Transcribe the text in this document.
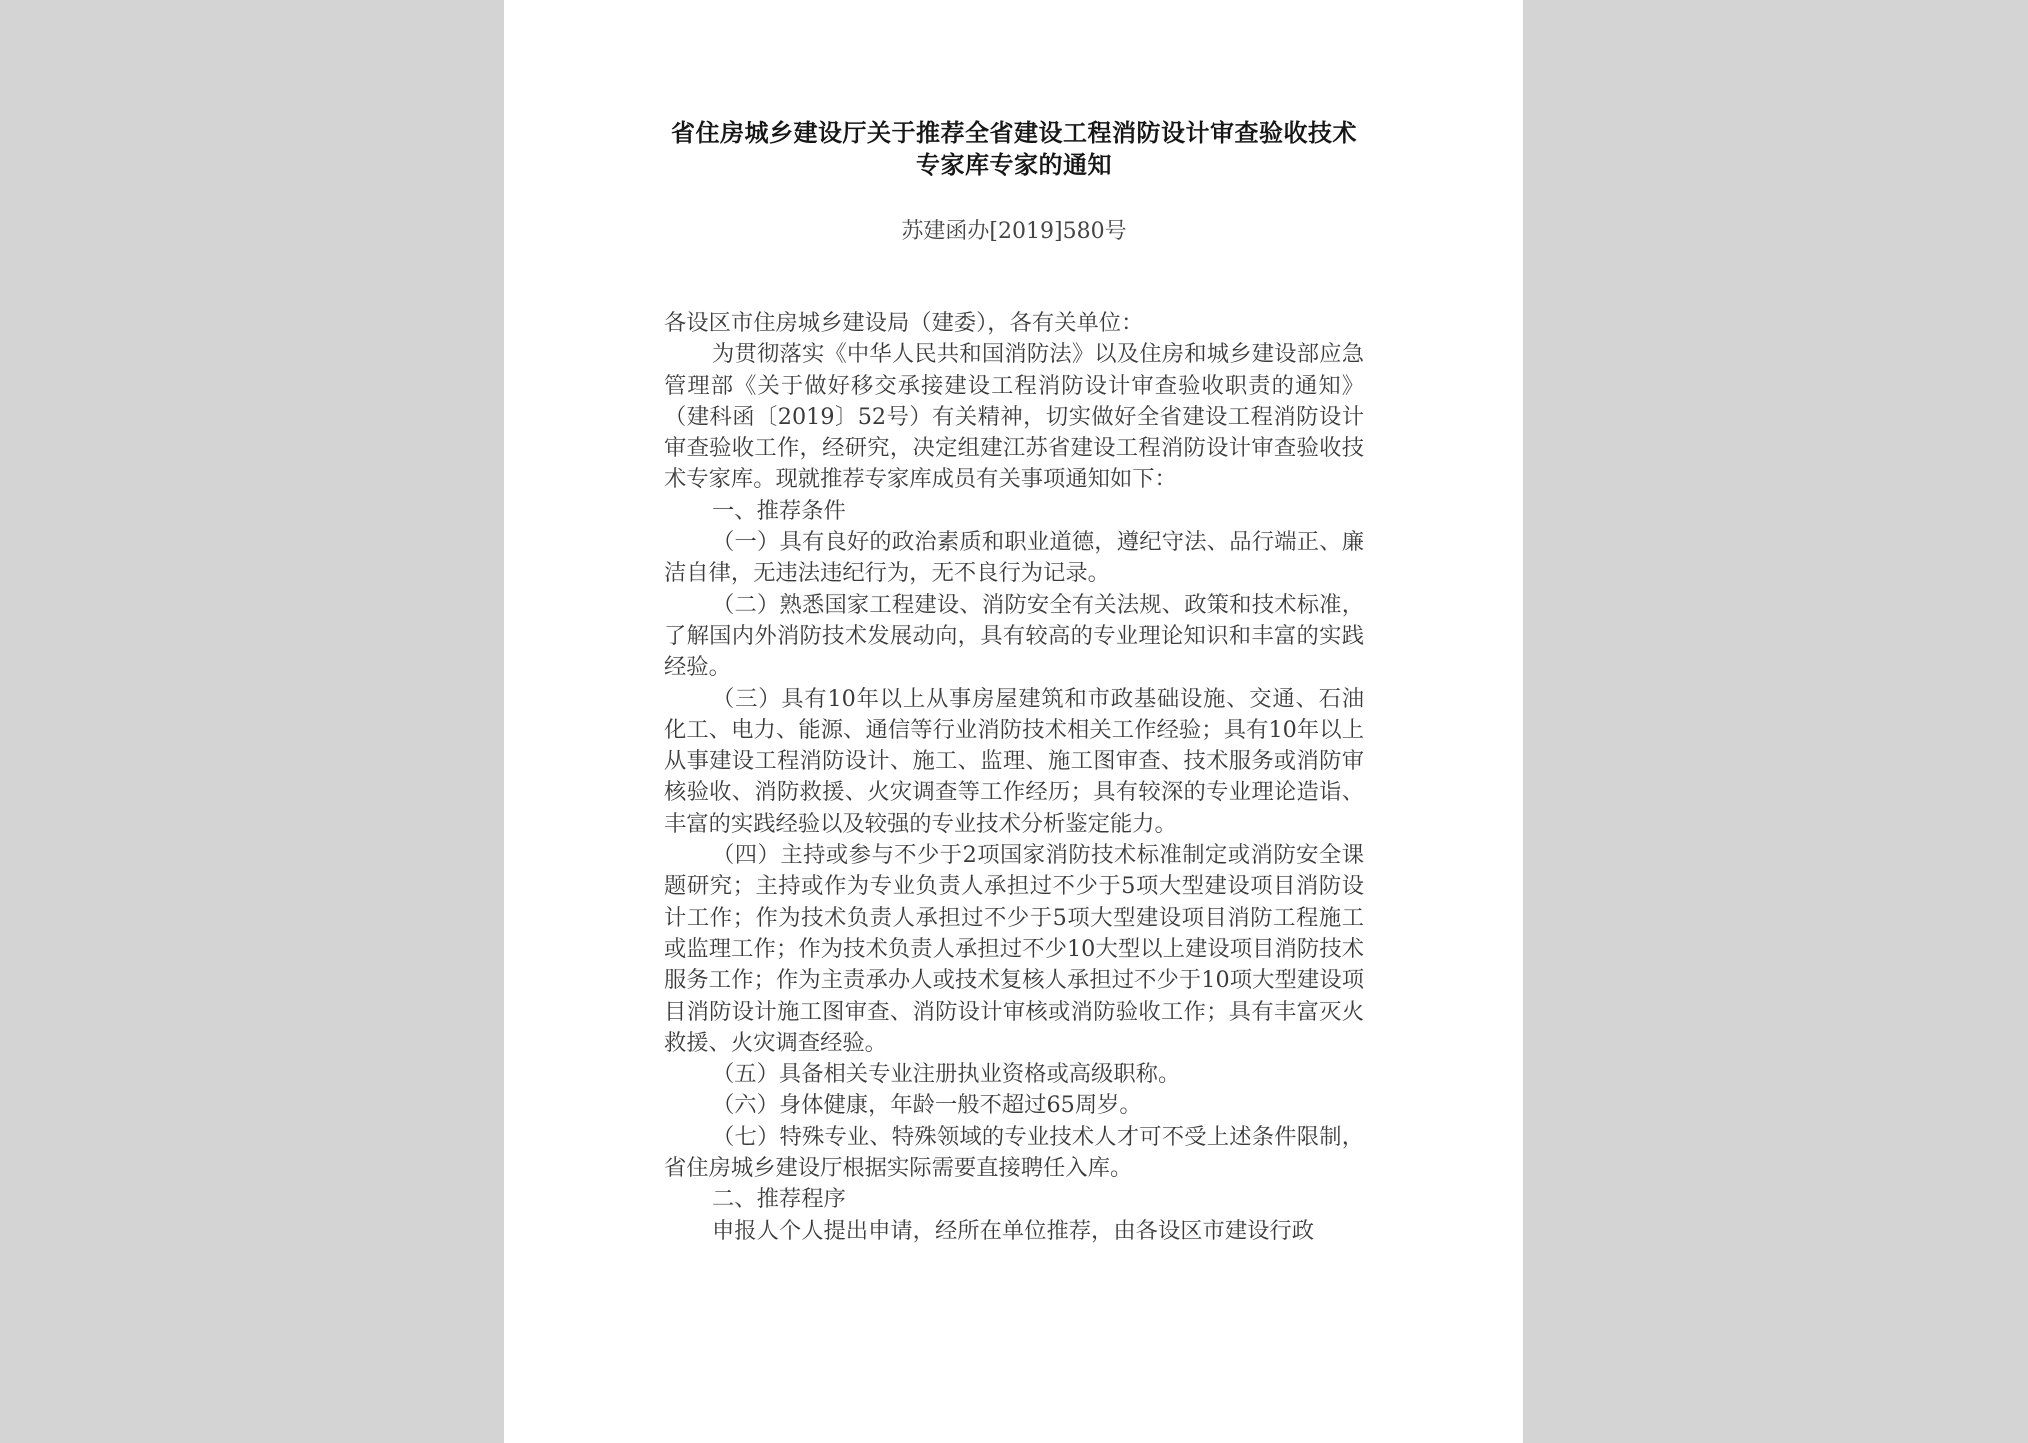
省住房城乡建设厅关于推荐全省建设工程消防设计审查验收技术专家库专家的通知
苏建函办[2019]580号

各设区市住房城乡建设局（建委），各有关单位：

为贯彻落实《中华人民共和国消防法》以及住房和城乡建设部应急管理部《关于做好移交承接建设工程消防设计审查验收职责的通知》（建科函〔2019〕52号）有关精神，切实做好全省建设工程消防设计审查验收工作，经研究，决定组建江苏省建设工程消防设计审查验收技术专家库。现就推荐专家库成员有关事项通知如下：

一、推荐条件

（一）具有良好的政治素质和职业道德，遵纪守法、品行端正、廉洁自律，无违法违纪行为，无不良行为记录。

（二）熟悉国家工程建设、消防安全有关法规、政策和技术标准，了解国内外消防技术发展动向，具有较高的专业理论知识和丰富的实践经验。

（三）具有10年以上从事房屋建筑和市政基础设施、交通、石油化工、电力、能源、通信等行业消防技术相关工作经验；具有10年以上从事建设工程消防设计、施工、监理、施工图审查、技术服务或消防审核验收、消防救援、火灾调查等工作经历；具有较深的专业理论造诣、丰富的实践经验以及较强的专业技术分析鉴定能力。

（四）主持或参与不少于2项国家消防技术标准制定或消防安全课题研究；主持或作为专业负责人承担过不少于5项大型建设项目消防设计工作；作为技术负责人承担过不少于5项大型建设项目消防工程施工或监理工作；作为技术负责人承担过不少10大型以上建设项目消防技术服务工作；作为主责承办人或技术复核人承担过不少于10项大型建设项目消防设计施工图审查、消防设计审核或消防验收工作；具有丰富灭火救援、火灾调查经验。

（五）具备相关专业注册执业资格或高级职称。

（六）身体健康，年龄一般不超过65周岁。

（七）特殊专业、特殊领域的专业技术人才可不受上述条件限制，省住房城乡建设厅根据实际需要直接聘任入库。

二、推荐程序

申报人个人提出申请，经所在单位推荐，由各设区市建设行政
